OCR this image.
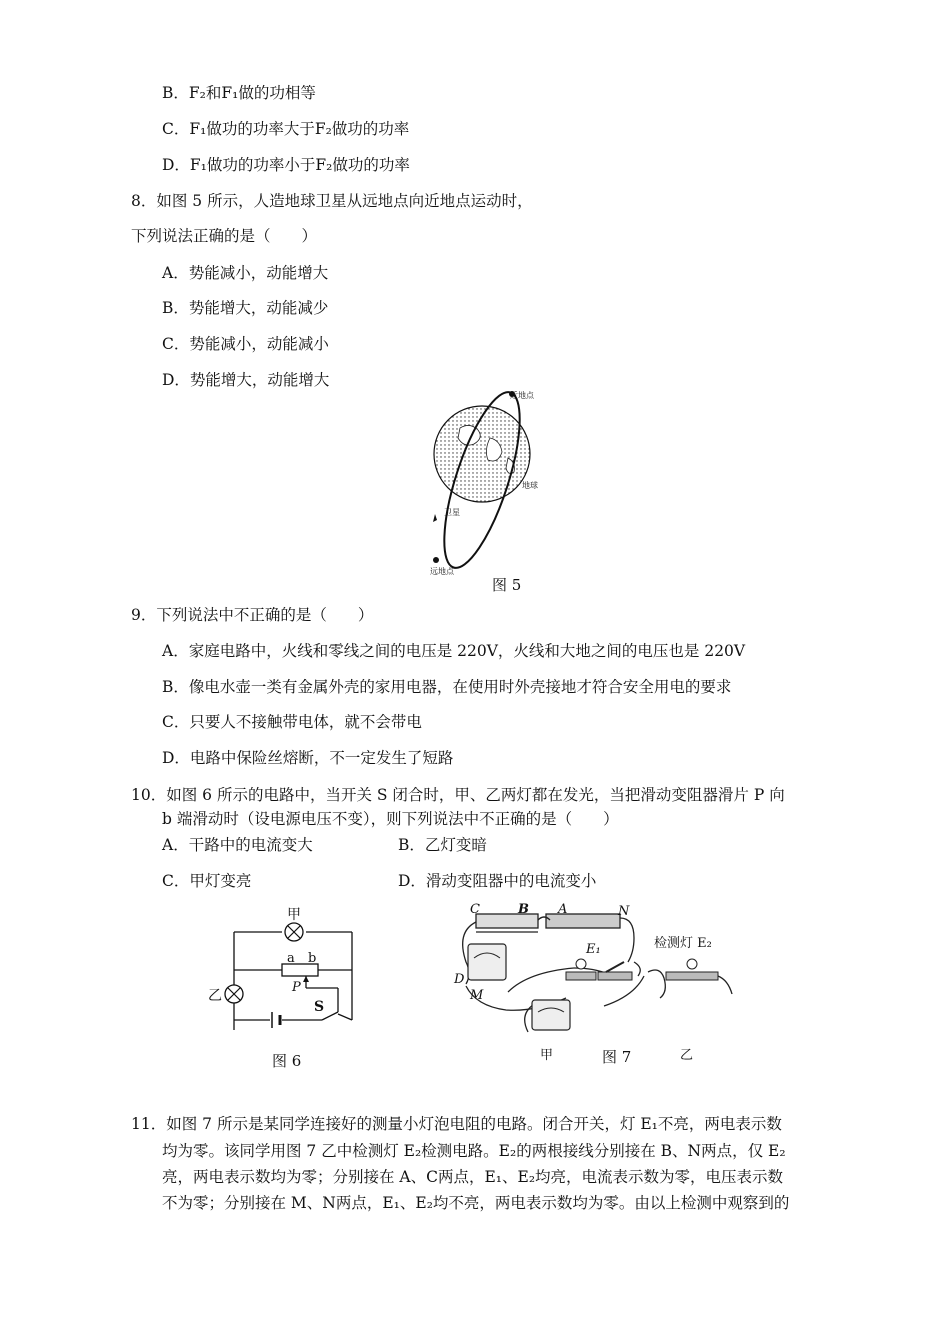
B．F₂和F₁做的功相等
C．F₁做功的功率大于F₂做功的功率
D．F₁做功的功率小于F₂做功的功率
8．如图 5 所示，人造地球卫星从远地点向近地点运动时，
下列说法正确的是（　　）
A．势能减小，动能增大
B．势能增大，动能减少
C．势能减小，动能减小
D．势能增大，动能增大
近地点
地球
卫星
远地点
图 5
9．下列说法中不正确的是（　　）
A．家庭电路中，火线和零线之间的电压是 220V，火线和大地之间的电压也是 220V
B．像电水壶一类有金属外壳的家用电器，在使用时外壳接地才符合安全用电的要求
C．只要人不接触带电体，就不会带电
D．电路中保险丝熔断，不一定发生了短路
10．如图 6 所示的电路中，当开关 S 闭合时，甲、乙两灯都在发光，当把滑动变阻器滑片 P 向
b 端滑动时（设电源电压不变），则下列说法中不正确的是（　　）
A．干路中的电流变大	B．乙灯变暗
C．甲灯变亮	D．滑动变阻器中的电流变小
甲
乙
a b
P
S
图 6
C	B A	N
D
M
E₁	检测灯 E₂
甲	图 7	乙
11．如图 7 所示是某同学连接好的测量小灯泡电阻的电路。闭合开关，灯 E₁不亮，两电表示数
均为零。该同学用图 7 乙中检测灯 E₂检测电路。E₂的两根接线分别接在 B、N两点，仅 E₂
亮，两电表示数均为零；分别接在 A、C两点，E₁、E₂均亮，电流表示数为零，电压表示数
不为零；分别接在 M、N两点，E₁、E₂均不亮，两电表示数均为零。由以上检测中观察到的
